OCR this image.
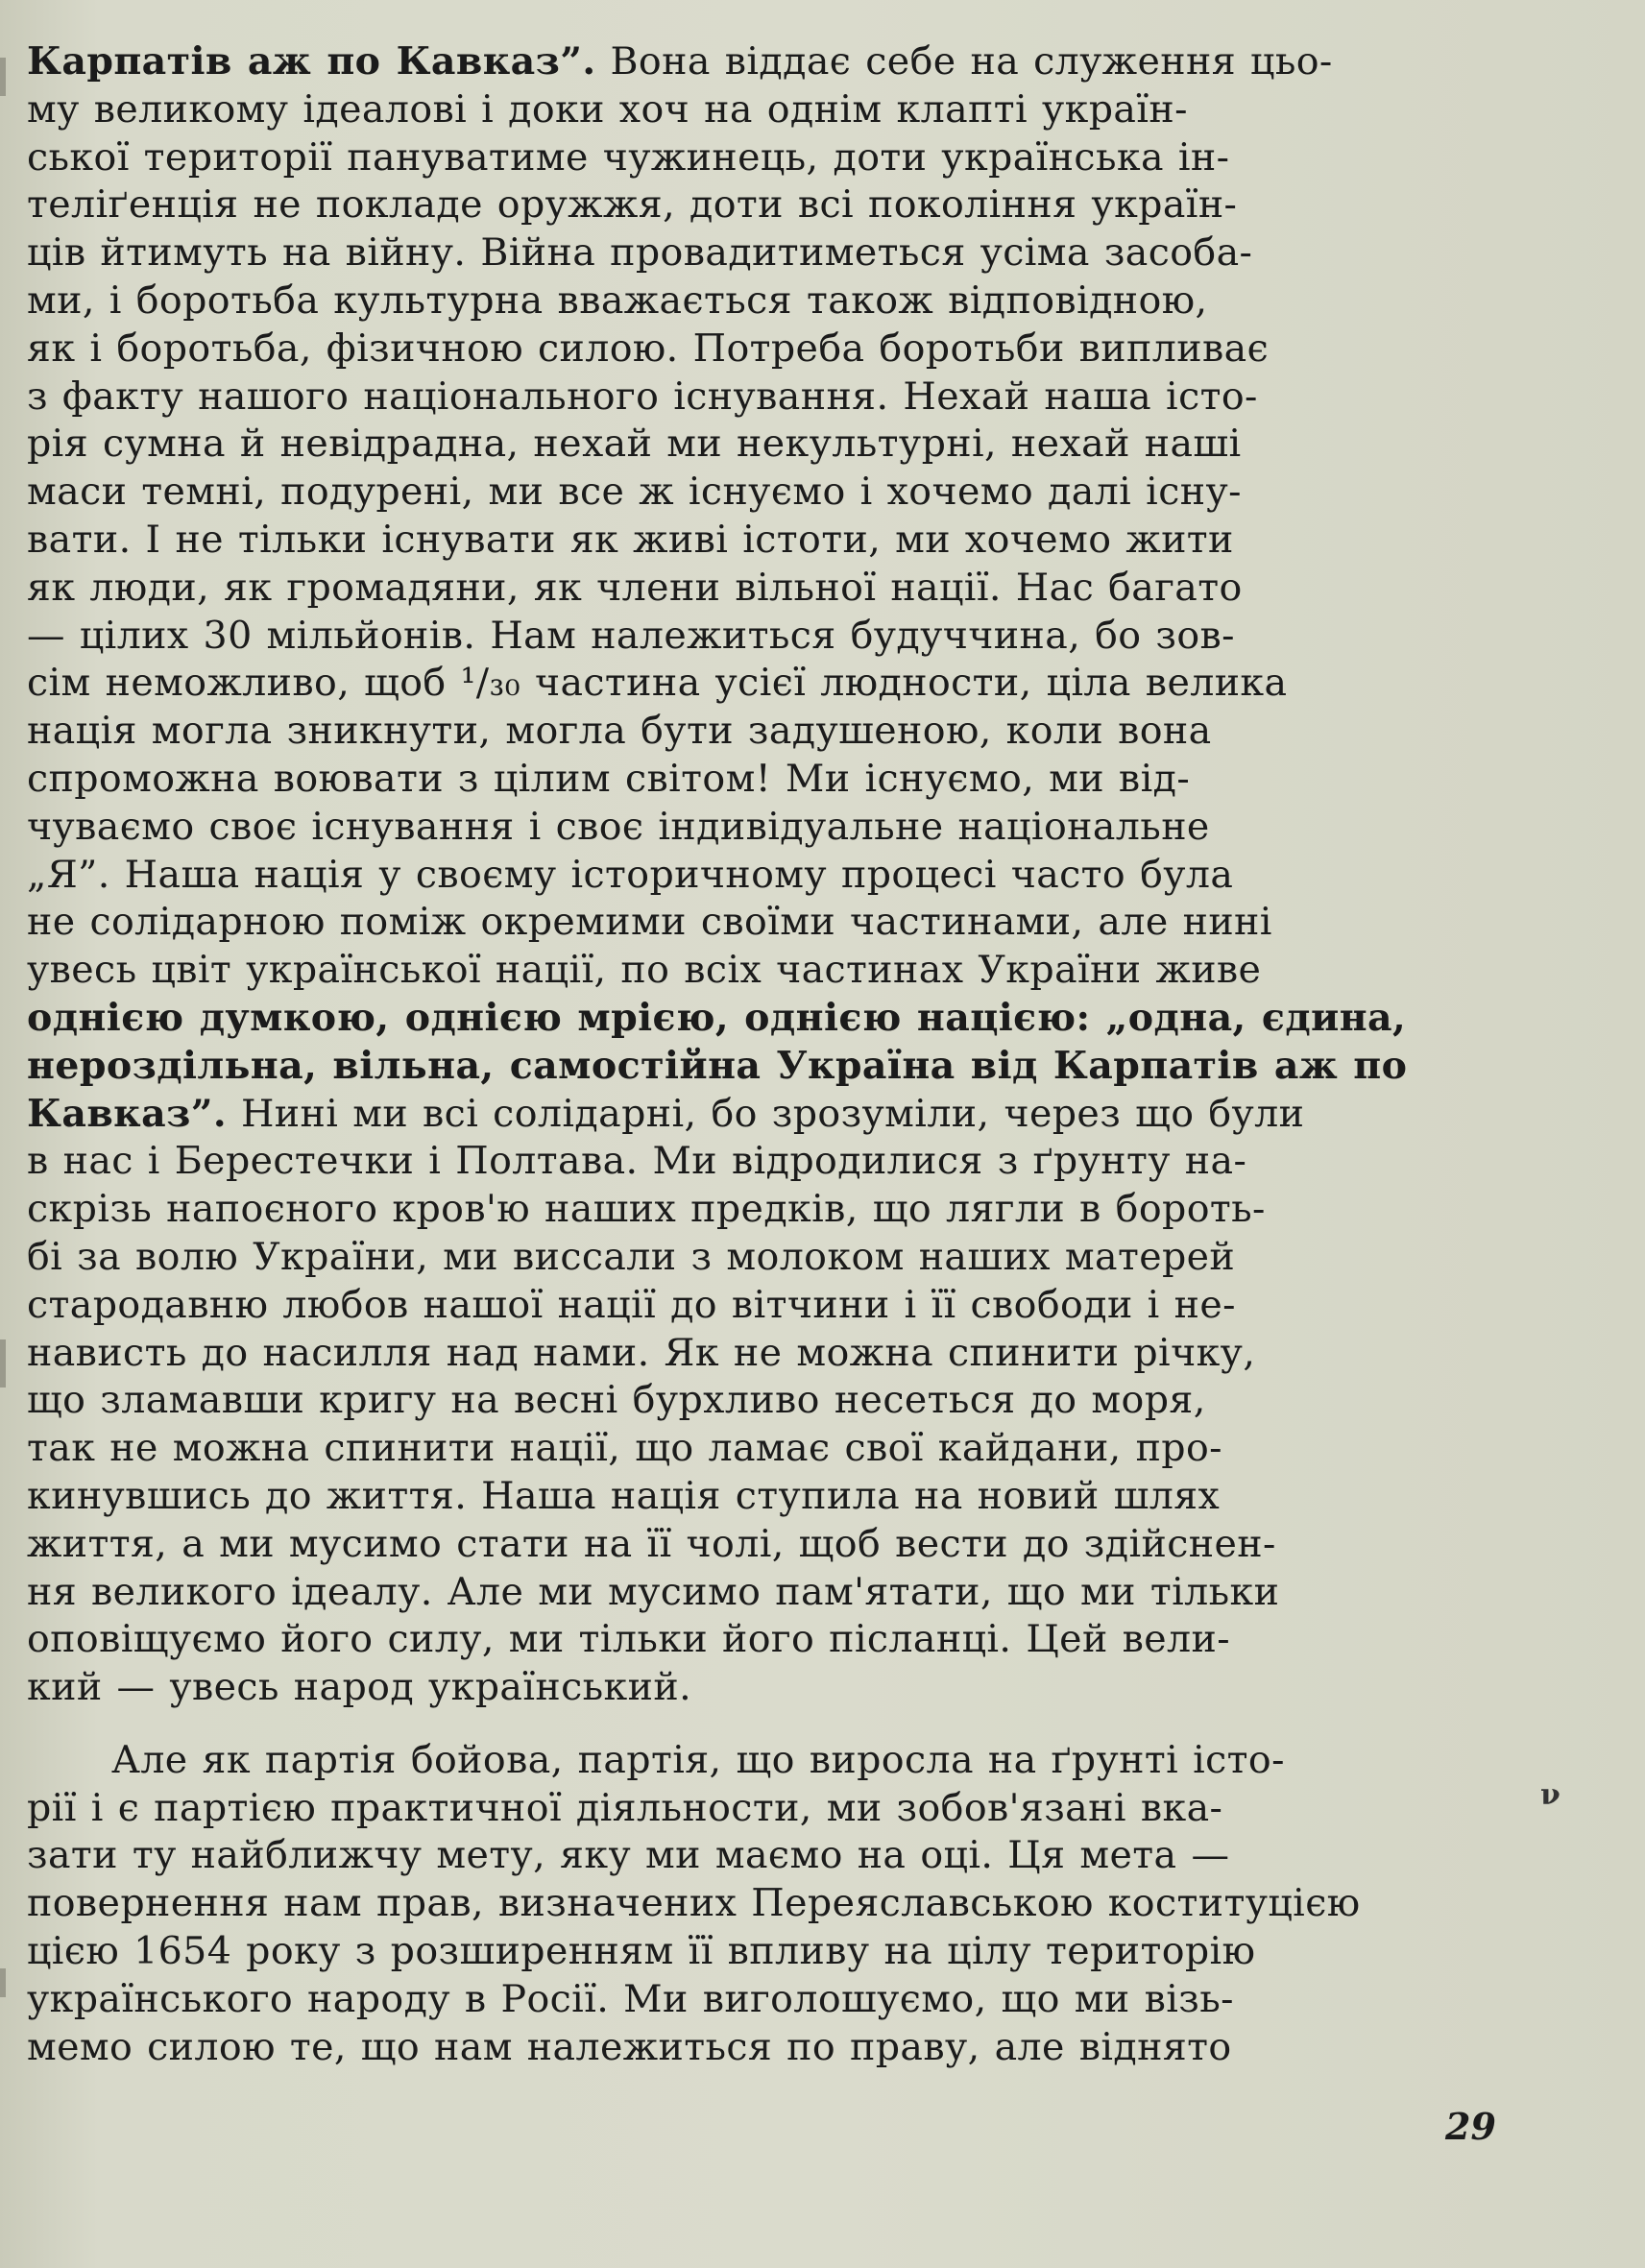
Карпатів аж по Кавказ”. Вона віддає себе на служення цьо-
му великому ідеалові і доки хоч на однім клапті україн-
ської території пануватиме чужинець, доти українська ін-
теліґенція не покладе оружжя, доти всі покоління україн-
ців йтимуть на війну. Війна провадитиметься усіма засоба-
ми, і боротьба культурна вважається також відповідною,
як і боротьба, фізичною силою. Потреба боротьби випливає
з факту нашого національного існування. Нехай наша істо-
рія сумна й невідрадна, нехай ми некультурні, нехай наші
маси темні, подурені, ми все ж існуємо і хочемо далі існу-
вати. І не тільки існувати як живі істоти, ми хочемо жити
як люди, як громадяни, як члени вільної нації. Нас багато
— цілих 30 мільйонів. Нам належиться будуччина, бо зов-
сім неможливо, щоб ¹/₃₀ частина усієї людности, ціла велика
нація могла зникнути, могла бути задушеною, коли вона
спроможна воювати з цілим світом! Ми існуємо, ми від-
чуваємо своє існування і своє індивідуальне національне
„Я”. Наша нація у своєму історичному процесі часто була
не солідарною поміж окремими своїми частинами, але нині
увесь цвіт української нації, по всіх частинах України живе
однією думкою, однією мрією, однією нацією: „одна, єдина,
нероздільна, вільна, самостійна Україна від Карпатів аж по
Кавказ”. Нині ми всі солідарні, бо зрозуміли, через що були
в нас і Берестечки і Полтава. Ми відродилися з ґрунту на-
скрізь напоєного кров'ю наших предків, що лягли в бороть-
бі за волю України, ми виссали з молоком наших матерей
стародавню любов нашої нації до вітчини і її свободи і не-
нависть до насилля над нами. Як не можна спинити річку,
що зламавши кригу на весні бурхливо несеться до моря,
так не можна спинити нації, що ламає свої кайдани, про-
кинувшись до життя. Наша нація ступила на новий шлях
життя, а ми мусимо стати на її чолі, щоб вести до здійснен-
ня великого ідеалу. Але ми мусимо пам'ятати, що ми тільки
оповіщуємо його силу, ми тільки його післанці. Цей вели-
кий — увесь народ український.
Але як партія бойова, партія, що виросла на ґрунті істо-
рії і є партією практичної діяльности, ми зобов'язані вка-
зати ту найближчу мету, яку ми маємо на оці. Ця мета —
повернення нам прав, визначених Переяславською коституцією
цією 1654 року з розширенням її впливу на цілу територію
українського народу в Росії. Ми виголошуємо, що ми візь-
мемо силою те, що нам належиться по праву, але віднято
ν
29
